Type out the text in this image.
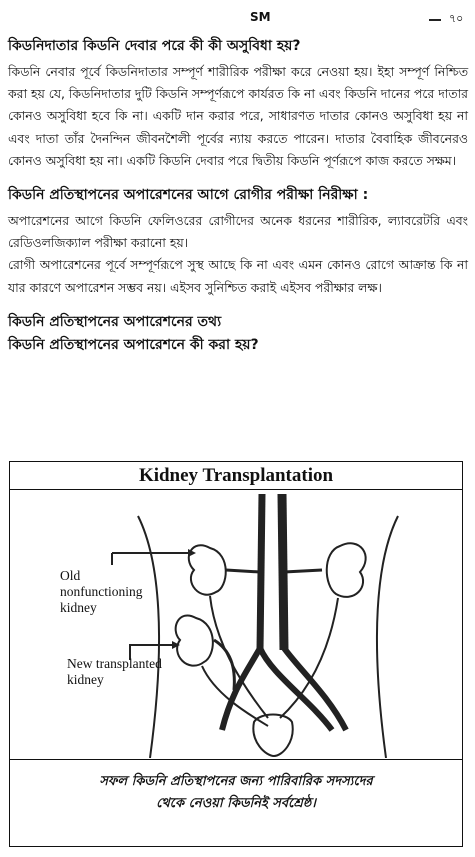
SM	৭০
কিডনিদাতার কিডনি দেবার পরে কী কী অসুবিধা হয়?

কিডনি নেবার পূর্বে কিডনিদাতার সম্পূর্ণ শারীরিক পরীক্ষা করে নেওয়া হয়। ইহা সম্পূর্ণ নিশ্চিত করা হয় যে, কিডনিদাতার দুটি কিডনি সম্পূর্ণরূপে কার্যরত কি না এবং কিডনি দানের পরে দাতার কোনও অসুবিধা হবে কি না। একটি দান করার পরে, সাধারণত দাতার কোনও অসুবিধা হয় না এবং দাতা তাঁর দৈনন্দিন জীবনশৈলী পূর্বের ন্যায় করতে পারেন। দাতার বৈবাহিক জীবনেরও কোনও অসুবিধা হয় না। একটি কিডনি দেবার পরে দ্বিতীয় কিডনি পূর্ণরূপে কাজ করতে সক্ষম।

কিডনি প্রতিস্থাপনের অপারেশনের আগে রোগীর পরীক্ষা নিরীক্ষা :

অপারেশনের আগে কিডনি ফেলিওরের রোগীদের অনেক ধরনের শারীরিক, ল্যাবরেটরি এবং রেডিওলজিক্যাল পরীক্ষা করানো হয়।

রোগী অপারেশনের পূর্বে সম্পূর্ণরূপে সুস্থ আছে কি না এবং এমন কোনও রোগে আক্রান্ত কি না যার কারণে অপারেশন সম্ভব নয়। এইসব সুনিশ্চিত করাই এইসব পরীক্ষার লক্ষ।

কিডনি প্রতিস্থাপনের অপারেশনের তথ্য
কিডনি প্রতিস্থাপনের অপারেশনে কী করা হয়?
Kidney Transplantation
Old nonfunctioning kidney
New transplanted kidney
সফল কিডনি প্রতিস্থাপনের জন্য পারিবারিক সদস্যদের
থেকে নেওয়া কিডনিই সর্বশ্রেষ্ঠ।
